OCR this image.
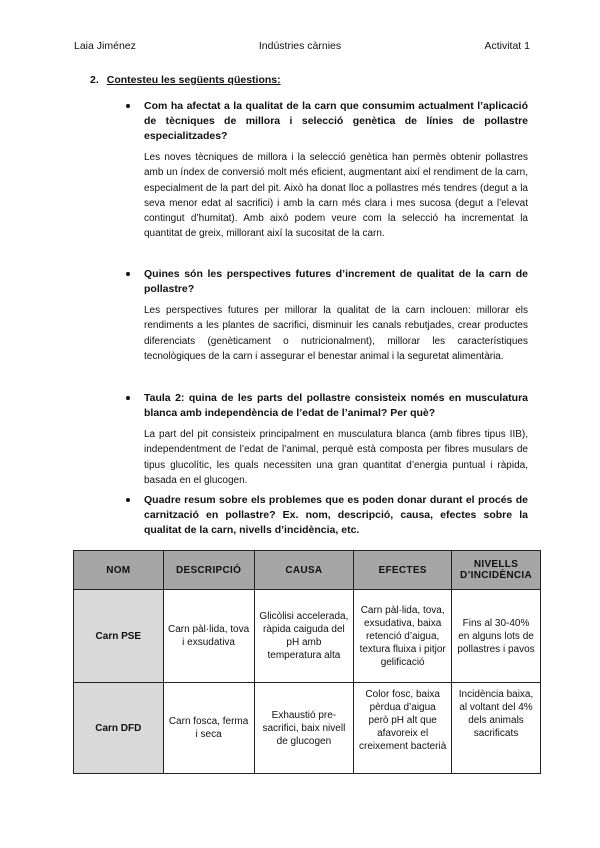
Laia Jiménez	Indústries càrnies	Activitat 1
2. Contesteu les següents qüestions:

Com ha afectat a la qualitat de la carn que consumim actualment l’aplicació de tècniques de millora i selecció genètica de línies de pollastre especialitzades?

Les noves tècniques de millora i la selecció genètica han permès obtenir pollastres amb un índex de conversió molt més eficient, augmentant així el rendiment de la carn, especialment de la part del pit. Això ha donat lloc a pollastres més tendres (degut a la seva menor edat al sacrifici) i amb la carn més clara i mes sucosa (degut a l’elevat contingut d’humitat). Amb això podem veure com la selecció ha incrementat la quantitat de greix, millorant així la sucositat de la carn.

Quines són les perspectives futures d’increment de qualitat de la carn de pollastre?

Les perspectives futures per millorar la qualitat de la carn inclouen: millorar els rendiments a les plantes de sacrifici, disminuir les canals rebutjades, crear productes diferenciats (genèticament o nutricionalment), millorar les característiques tecnològiques de la carn i assegurar el benestar animal i la seguretat alimentària.

Taula 2: quina de les parts del pollastre consisteix només en musculatura blanca amb independència de l’edat de l’animal? Per què?

La part del pit consisteix principalment en musculatura blanca (amb fibres tipus IIB), independentment de l’edat de l’animal, perquè està composta per fibres musulars de tipus glucolític, les quals necessiten una gran quantitat d’energia puntual i ràpida, basada en el glucogen.

Quadre resum sobre els problemes que es poden donar durant el procés de carnització en pollastre? Ex. nom, descripció, causa, efectes sobre la qualitat de la carn, nivells d’incidència, etc.

NOM	DESCRIPCIÓ	CAUSA	EFECTES	NIVELLS D’INCIDÈNCIA
Carn PSE	Carn pàl·lida, tova i exsudativa	Glicòlisi accelerada, ràpida caiguda del pH amb temperatura alta	Carn pàl·lida, tova, exsudativa, baixa retenció d’aigua, textura fluixa i pitjor gelificació	Fins al 30-40% en alguns lots de pollastres i pavos
Carn DFD	Carn fosca, ferma i seca	Exhaustió pre-sacrifici, baix nivell de glucogen	Color fosc, baixa pèrdua d’aigua però pH alt que afavoreix el creixement bacterià	Incidència baixa, al voltant del 4% dels animals sacrificats
